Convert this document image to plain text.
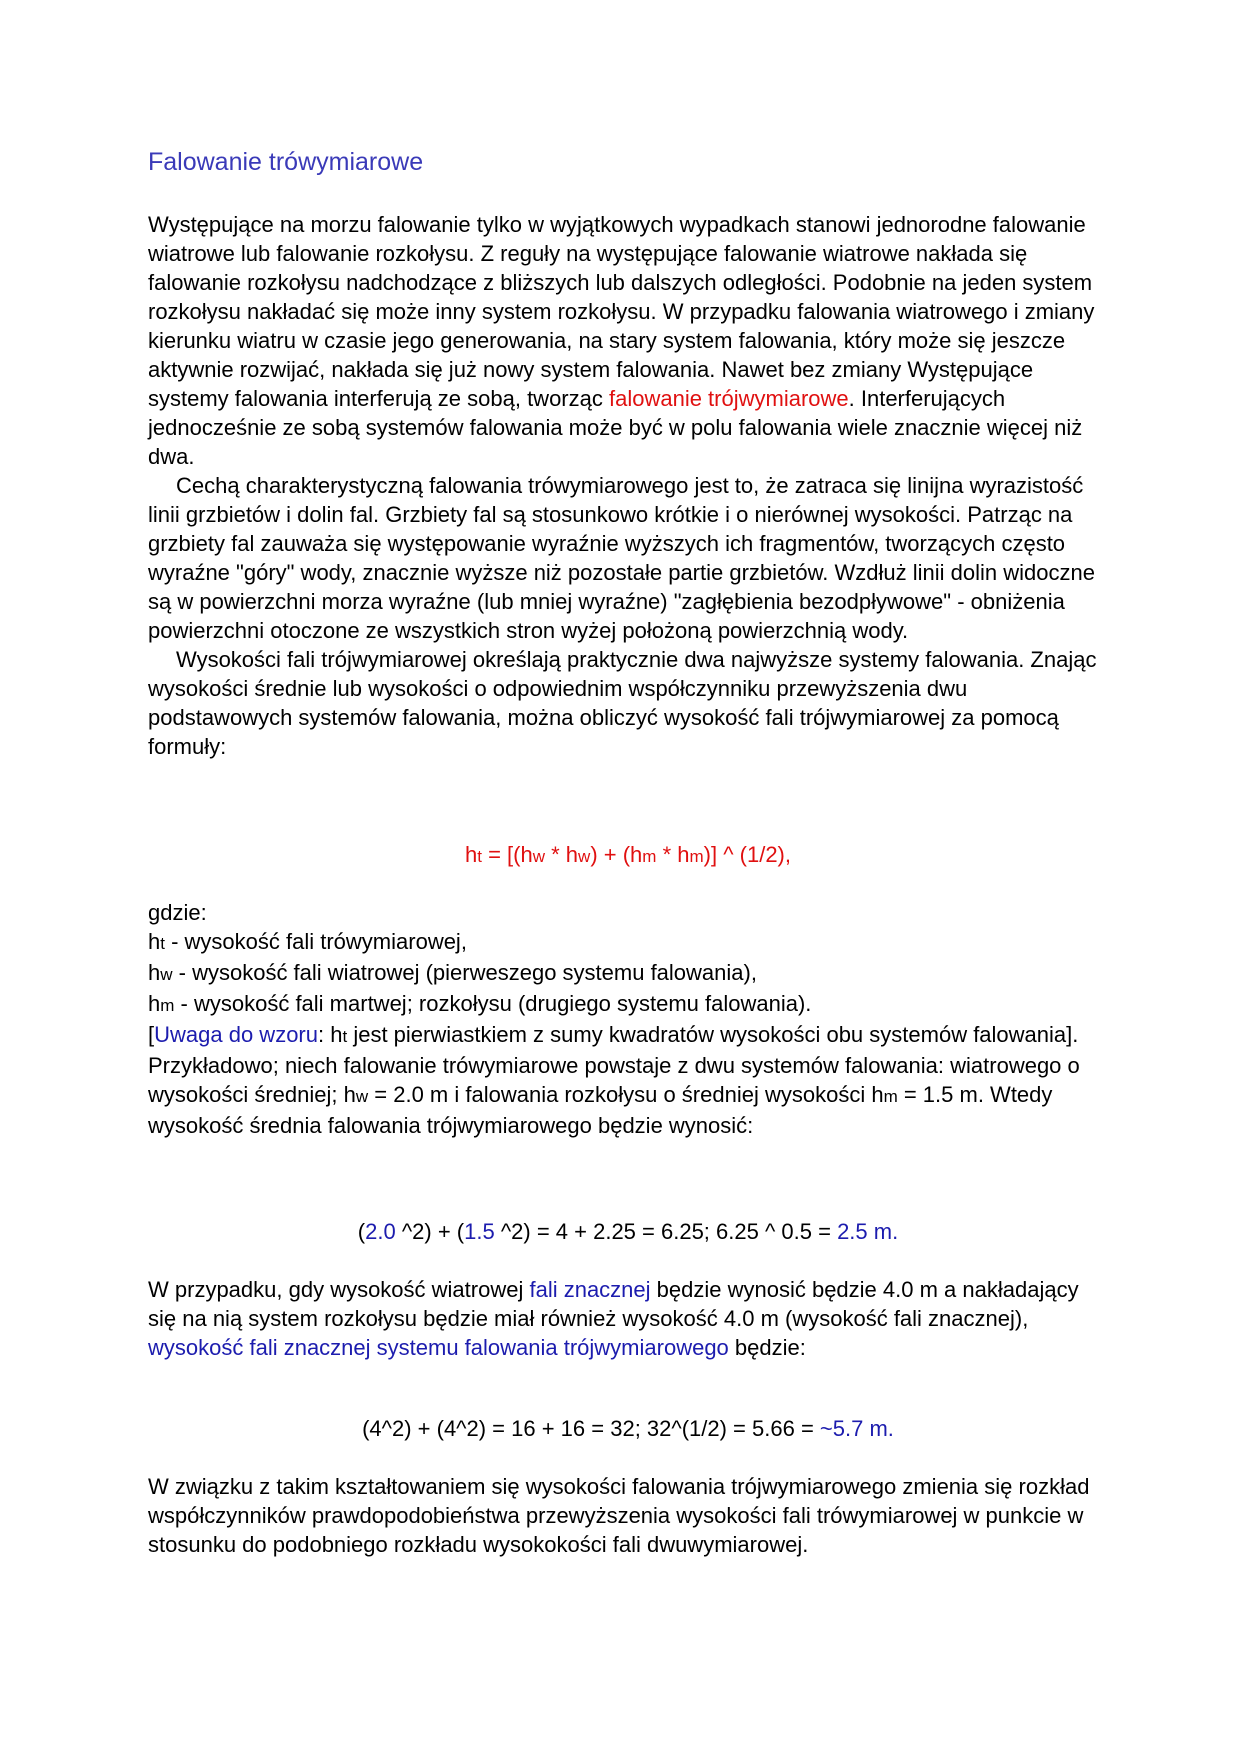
Falowanie trówymiarowe

Występujące na morzu falowanie tylko w wyjątkowych wypadkach stanowi jednorodne falowanie wiatrowe lub falowanie rozkołysu. Z reguły na występujące falowanie wiatrowe nakłada się falowanie rozkołysu nadchodzące z bliższych lub dalszych odległości. Podobnie na jeden system rozkołysu nakładać się może inny system rozkołysu. W przypadku falowania wiatrowego i zmiany kierunku wiatru w czasie jego generowania, na stary system falowania, który może się jeszcze aktywnie rozwijać, nakłada się już nowy system falowania. Nawet bez zmiany Występujące systemy falowania interferują ze sobą, tworząc falowanie trójwymiarowe. Interferujących jednocześnie ze sobą systemów falowania może być w polu falowania wiele znacznie więcej niż dwa.

Cechą charakterystyczną falowania trówymiarowego jest to, że zatraca się linijna wyrazistość linii grzbietów i dolin fal. Grzbiety fal są stosunkowo krótkie i o nierównej wysokości. Patrząc na grzbiety fal zauważa się występowanie wyraźnie wyższych ich fragmentów, tworzących często wyraźne "góry" wody, znacznie wyższe niż pozostałe partie grzbietów. Wzdłuż linii dolin widoczne są w powierzchni morza wyraźne (lub mniej wyraźne) "zagłębienia bezodpływowe" - obniżenia powierzchni otoczone ze wszystkich stron wyżej położoną powierzchnią wody.

Wysokości fali trójwymiarowej określają praktycznie dwa najwyższe systemy falowania. Znając wysokości średnie lub wysokości o odpowiednim współczynniku przewyższenia dwu podstawowych systemów falowania, można obliczyć wysokość fali trójwymiarowej za pomocą formuły:

ht = [(hw * hw) + (hm * hm)] ^ (1/2),

gdzie:

ht - wysokość fali trówymiarowej,

hw - wysokość fali wiatrowej (pierweszego systemu falowania),

hm - wysokość fali martwej; rozkołysu (drugiego systemu falowania).

[Uwaga do wzoru: ht jest pierwiastkiem z sumy kwadratów wysokości obu systemów falowania].

Przykładowo; niech falowanie trówymiarowe powstaje z dwu systemów falowania: wiatrowego o wysokości średniej; hw = 2.0 m i falowania rozkołysu o średniej wysokości hm = 1.5 m. Wtedy wysokość średnia falowania trójwymiarowego będzie wynosić:

(2.0 ^2) + (1.5 ^2) = 4 + 2.25 = 6.25; 6.25 ^ 0.5 = 2.5 m.

W przypadku, gdy wysokość wiatrowej fali znacznej będzie wynosić będzie 4.0 m a nakładający się na nią system rozkołysu będzie miał również wysokość 4.0 m (wysokość fali znacznej), wysokość fali znacznej systemu falowania trójwymiarowego będzie:

(4^2) + (4^2) = 16 + 16 = 32; 32^(1/2) = 5.66 = ~5.7 m.

W związku z takim kształtowaniem się wysokości falowania trójwymiarowego zmienia się rozkład współczynników prawdopodobieństwa przewyższenia wysokości fali trówymiarowej w punkcie w stosunku do podobniego rozkładu wysokokości fali dwuwymiarowej.
